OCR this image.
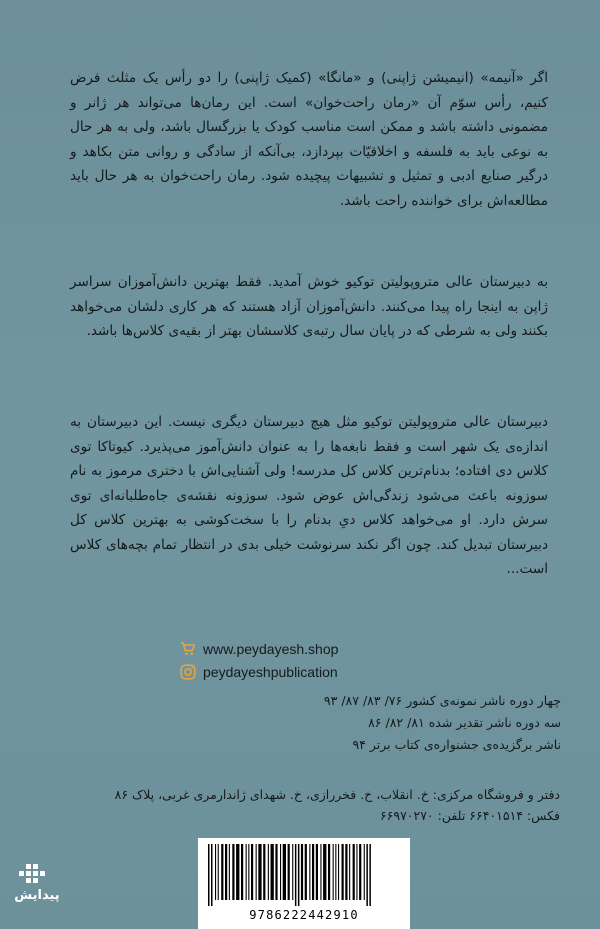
اگر «آنیمه» (انیمیشن ژاپنی) و «مانگا» (کمیک ژاپنی) را دو رأس یک مثلث فرض کنیم، رأس سوّم آن «رمان راحت‌خوان» است. این رمان‌ها می‌تواند هر ژانر و مضمونی داشته باشد و ممکن است مناسب کودک یا بزرگسال باشد، ولی به هر حال به نوعی باید به فلسفه و اخلاقیّات بپردازد، بی‌آنکه از سادگی و روانی متن بکاهد و درگیر صنایع ادبی و تمثیل و تشبیهات پیچیده شود. رمان راحت‌خوان به هر حال باید مطالعه‌اش برای خواننده راحت باشد.

به دبیرستان عالی متروپولیتن توکیو خوش آمدید. فقط بهترین دانش‌آموزان سراسر ژاپن به اینجا راه پیدا می‌کنند. دانش‌آموزان آزاد هستند که هر کاری دلشان می‌خواهد بکنند ولی به شرطی که در پایان سال رتبه‌ی کلاسشان بهتر از بقیه‌ی کلاس‌ها باشد.

دبیرستان عالی متروپولیتن توکیو مثل هیچ دبیرستان دیگری نیست. این دبیرستان به اندازه‌ی یک شهر است و فقط نابغه‌ها را به عنوان دانش‌آموز می‌پذیرد. کیوتاکا توی کلاس دی افتاده؛ بدنام‌ترین کلاس کل مدرسه! ولی آشنایی‌اش با دختری مرموز به نام سوزونه باعث می‌شود زندگی‌اش عوض شود. سوزونه نقشه‌ی جاه‌طلبانه‌ای توی سرش دارد. او می‌خواهد کلاس دیِ بدنام را با سخت‌کوشی به بهترین کلاس کل دبیرستان تبدیل کند. چون اگر نکند سرنوشت خیلی بدی در انتظار تمام بچه‌های کلاس است...

www.peydayesh.shop
peydayeshpublication
چهار دوره ناشر نمونه‌ی کشور ۷۶/ ۸۳/ ۸۷/ ۹۳
سه دوره ناشر تقدیر شده ۸۱/ ۸۲/ ۸۶
ناشر برگزیده‌ی جشنواره‌ی کتاب برتر ۹۴
دفتر و فروشگاه مرکزی: خ. انقلاب، خ. فخررازی، خ. شهدای ژاندارمری غربی، پلاک ۸۶
فکس: ۶۶۴۰۱۵۱۴ تلفن: ۶۶۹۷۰۲۷۰
9786222442910
پیدایش
